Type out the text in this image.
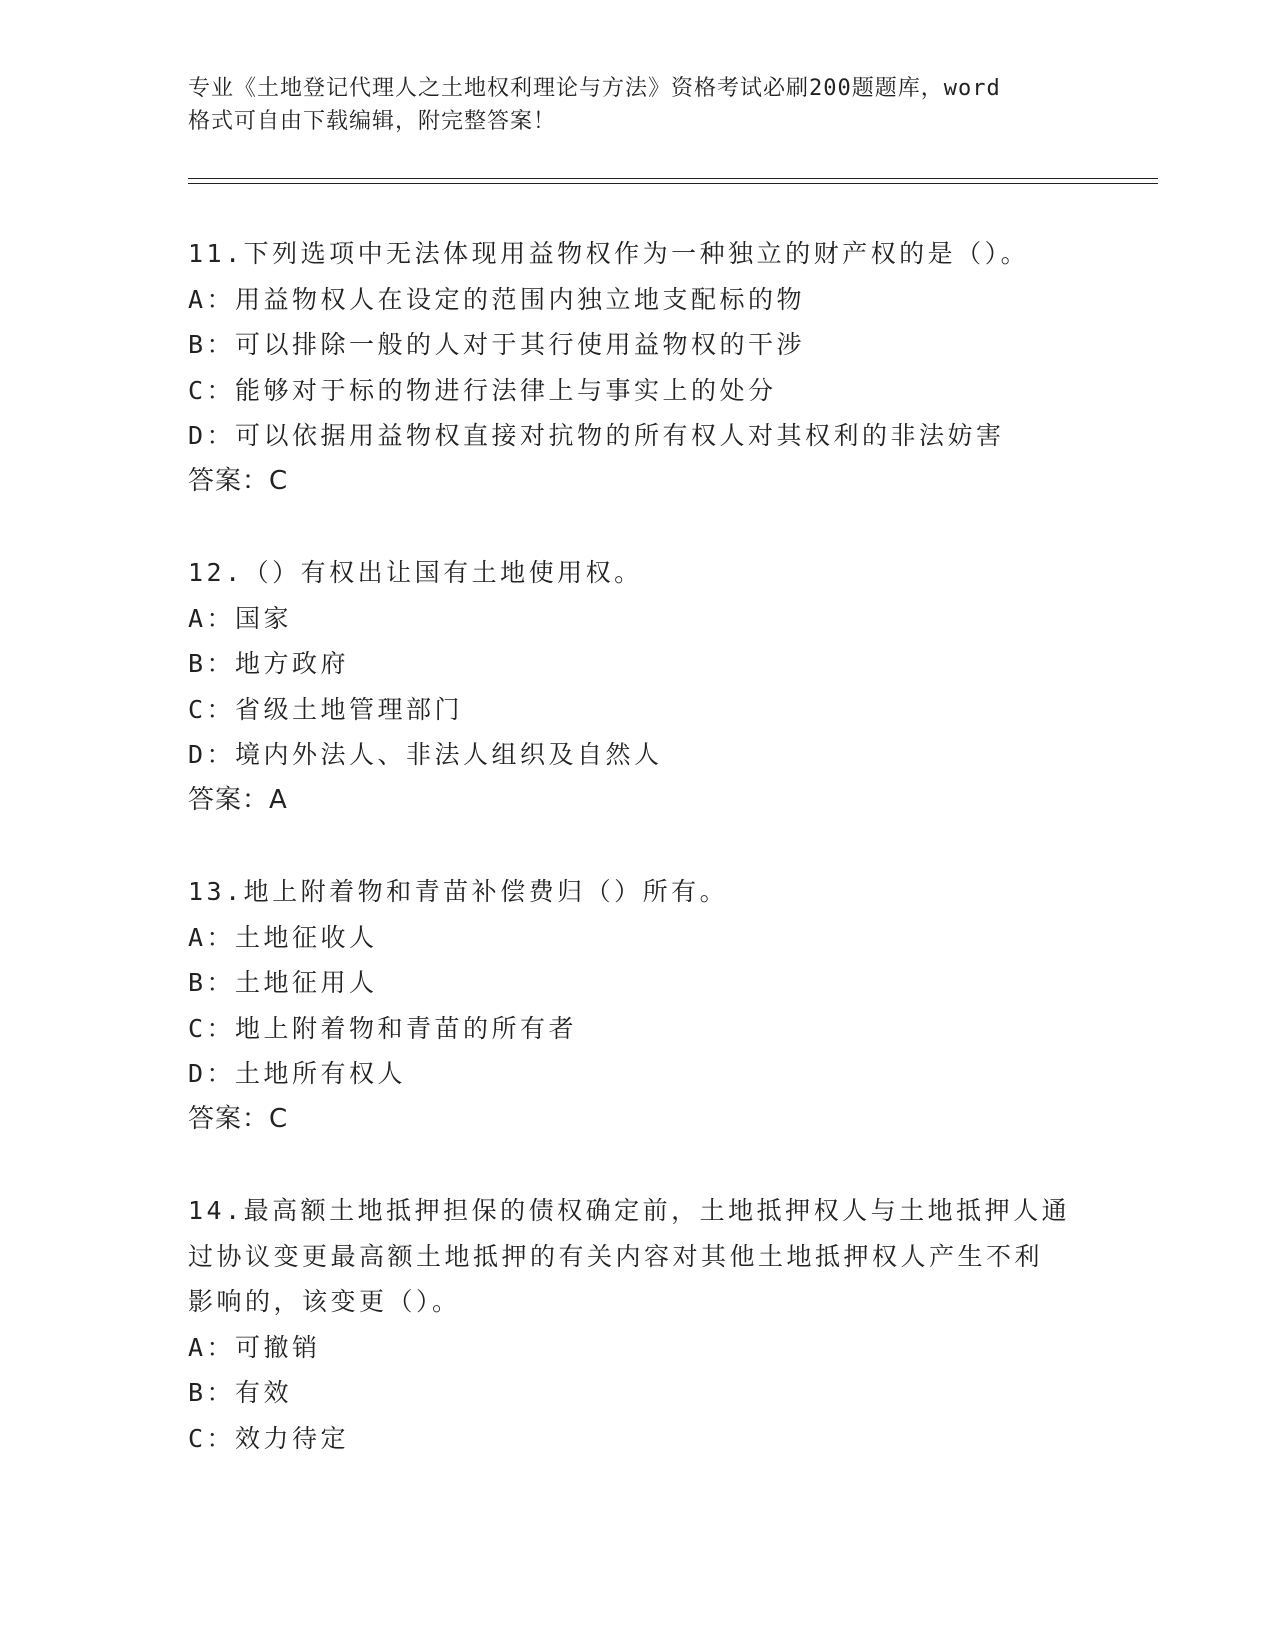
专业《土地登记代理人之土地权利理论与方法》资格考试必刷200题题库，word
格式可自由下载编辑，附完整答案！
11.下列选项中无法体现用益物权作为一种独立的财产权的是（）。
A：用益物权人在设定的范围内独立地支配标的物
B：可以排除一般的人对于其行使用益物权的干涉
C：能够对于标的物进行法律上与事实上的处分
D：可以依据用益物权直接对抗物的所有权人对其权利的非法妨害
答案：C
12.（）有权出让国有土地使用权。
A：国家
B：地方政府
C：省级土地管理部门
D：境内外法人、非法人组织及自然人
答案：A
13.地上附着物和青苗补偿费归（）所有。
A：土地征收人
B：土地征用人
C：地上附着物和青苗的所有者
D：土地所有权人
答案：C
14.最高额土地抵押担保的债权确定前，土地抵押权人与土地抵押人通
过协议变更最高额土地抵押的有关内容对其他土地抵押权人产生不利
影响的，该变更（）。
A：可撤销
B：有效
C：效力待定
